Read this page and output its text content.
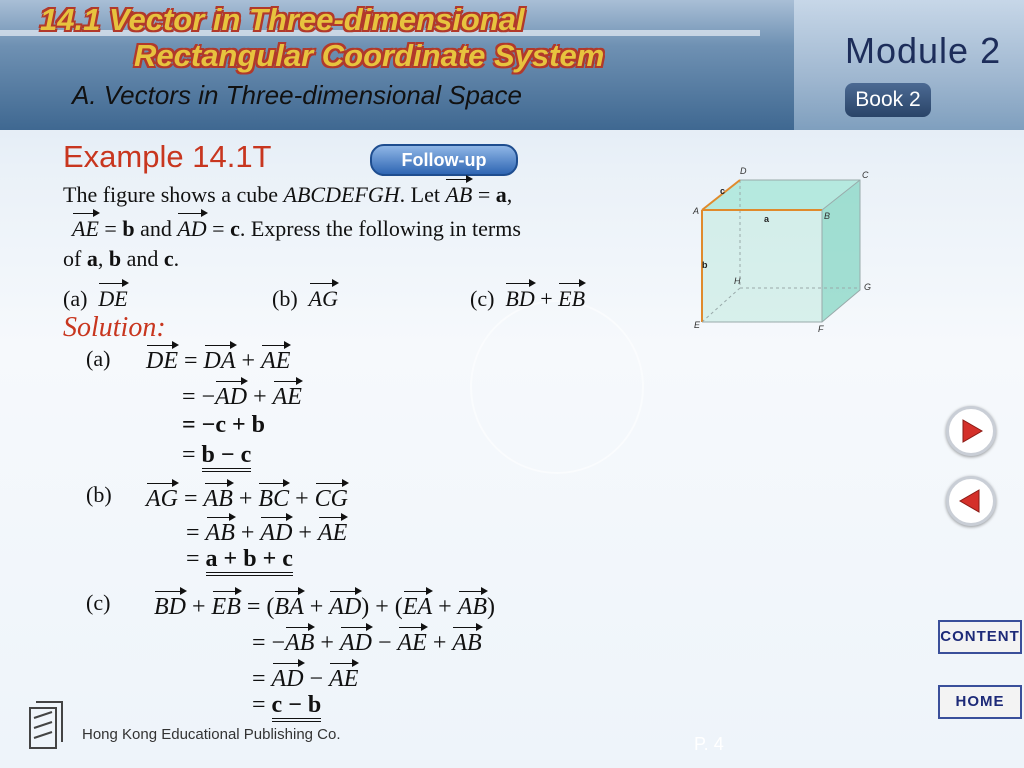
14.1 Vector in Three-dimensional
Rectangular Coordinate System
A. Vectors in Three-dimensional Space
Module 2
Book 2
Example 14.1T	Follow-up
The figure shows a cube ABCDEFGH. Let AB = a,
AE = b and AD = c. Express the following in terms
of a, b and c.
(a) DE	(b) AG	(c) BD + EB
Solution:
(a) DE = DA + AE
= −AD + AE
= −c + b
= b − c
(b) AG = AB + BC + CG
= AB + AD + AE
= a + b + c
(c) BD + EB = (BA + AD) + (EA + AB)
= −AB + AD − AE + AB
= AD − AE
= c − b
A	B
C
D
E	F
G
H
a
b
c
CONTENT
HOME
Hong Kong Educational Publishing Co.	P. 4
